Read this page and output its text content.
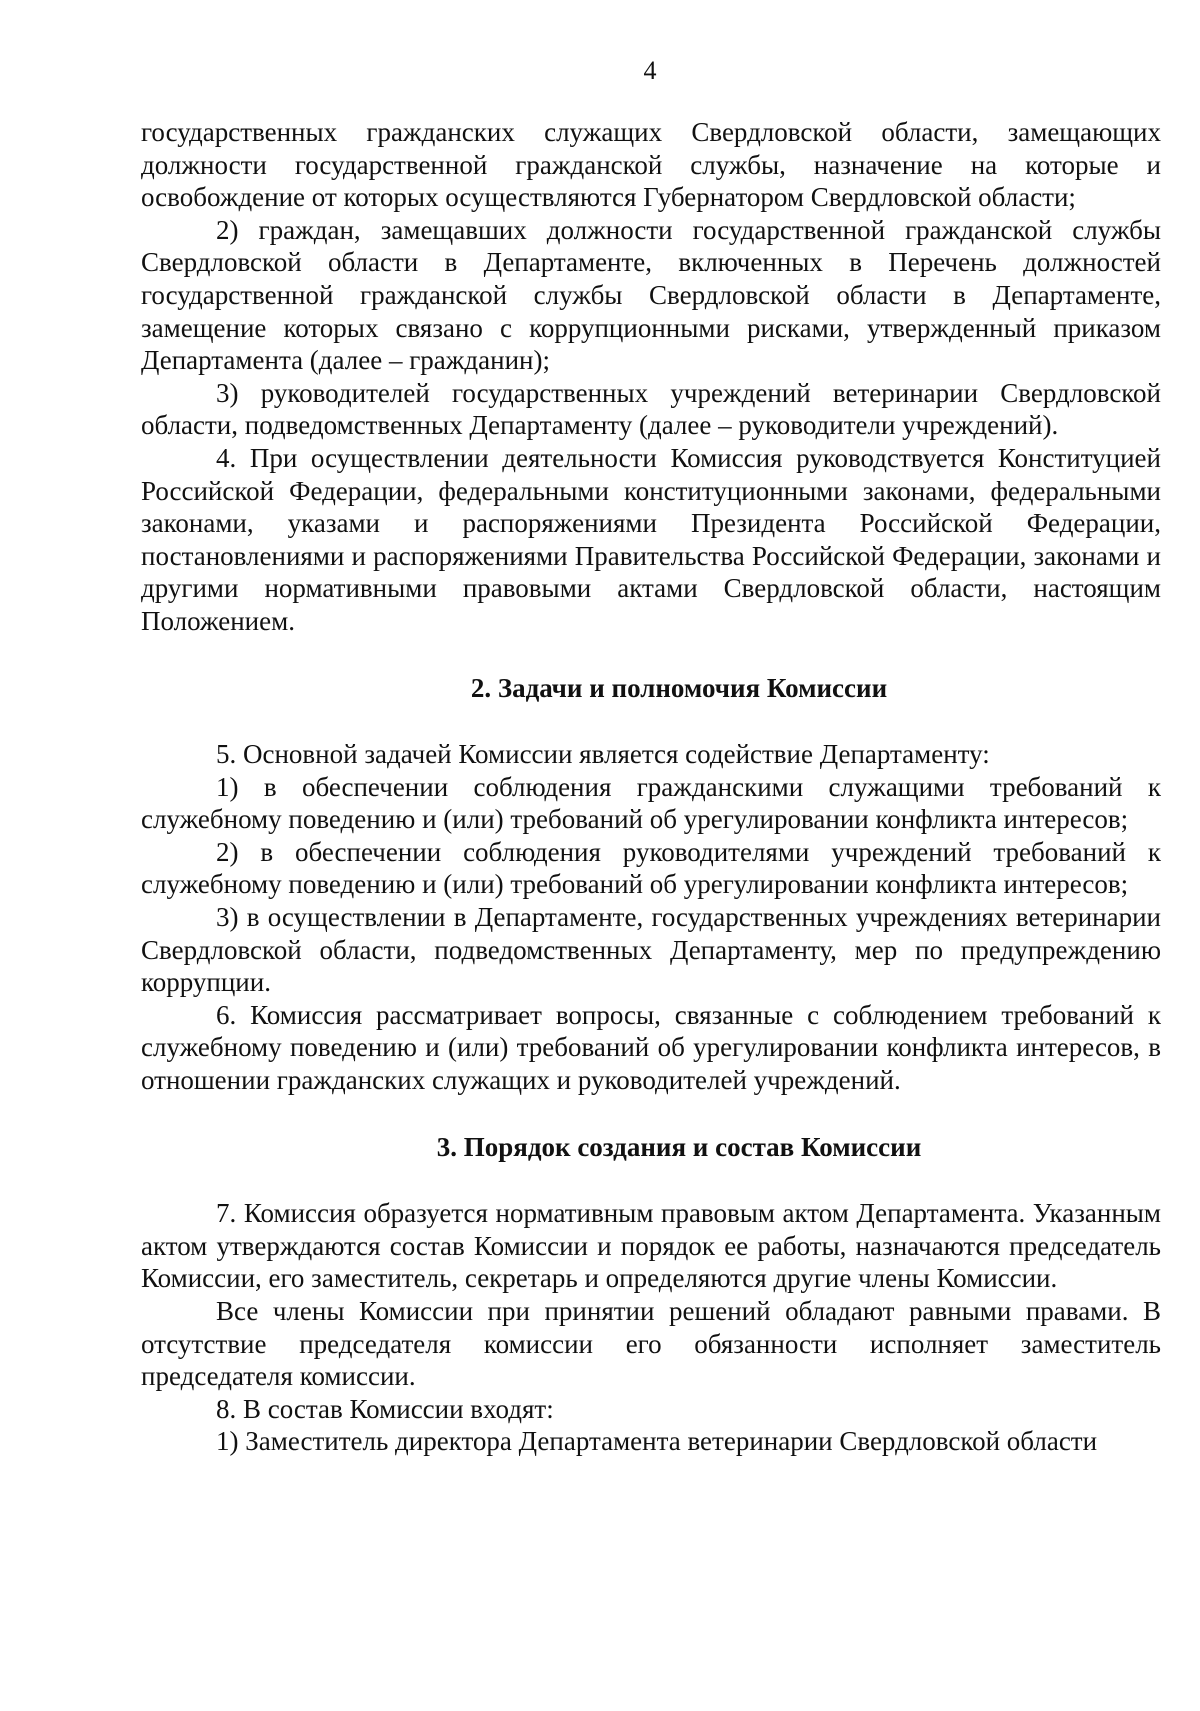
4

государственных гражданских служащих Свердловской области, замещающих должности государственной гражданской службы, назначение на которые и освобождение от которых осуществляются Губернатором Свердловской области;

2) граждан, замещавших должности государственной гражданской службы Свердловской области в Департаменте, включенных в Перечень должностей государственной гражданской службы Свердловской области в Департаменте, замещение которых связано с коррупционными рисками, утвержденный приказом Департамента (далее – гражданин);

3) руководителей государственных учреждений ветеринарии Свердловской области, подведомственных Департаменту (далее – руководители учреждений).

4. При осуществлении деятельности Комиссия руководствуется Конституцией Российской Федерации, федеральными конституционными законами, федеральными законами, указами и распоряжениями Президента Российской Федерации, постановлениями и распоряжениями Правительства Российской Федерации, законами и другими нормативными правовыми актами Свердловской области, настоящим Положением.

2. Задачи и полномочия Комиссии

5. Основной задачей Комиссии является содействие Департаменту:

1) в обеспечении соблюдения гражданскими служащими требований к служебному поведению и (или) требований об урегулировании конфликта интересов;

2) в обеспечении соблюдения руководителями учреждений требований к служебному поведению и (или) требований об урегулировании конфликта интересов;

3) в осуществлении в Департаменте, государственных учреждениях ветеринарии Свердловской области, подведомственных Департаменту, мер по предупреждению коррупции.

6. Комиссия рассматривает вопросы, связанные с соблюдением требований к служебному поведению и (или) требований об урегулировании конфликта интересов, в отношении гражданских служащих и руководителей учреждений.

3. Порядок создания и состав Комиссии

7. Комиссия образуется нормативным правовым актом Департамента. Указанным актом утверждаются состав Комиссии и порядок ее работы, назначаются председатель Комиссии, его заместитель, секретарь и определяются другие члены Комиссии.

Все члены Комиссии при принятии решений обладают равными правами. В отсутствие председателя комиссии его обязанности исполняет заместитель председателя комиссии.

8. В состав Комиссии входят:

1) Заместитель директора Департамента ветеринарии Свердловской области
